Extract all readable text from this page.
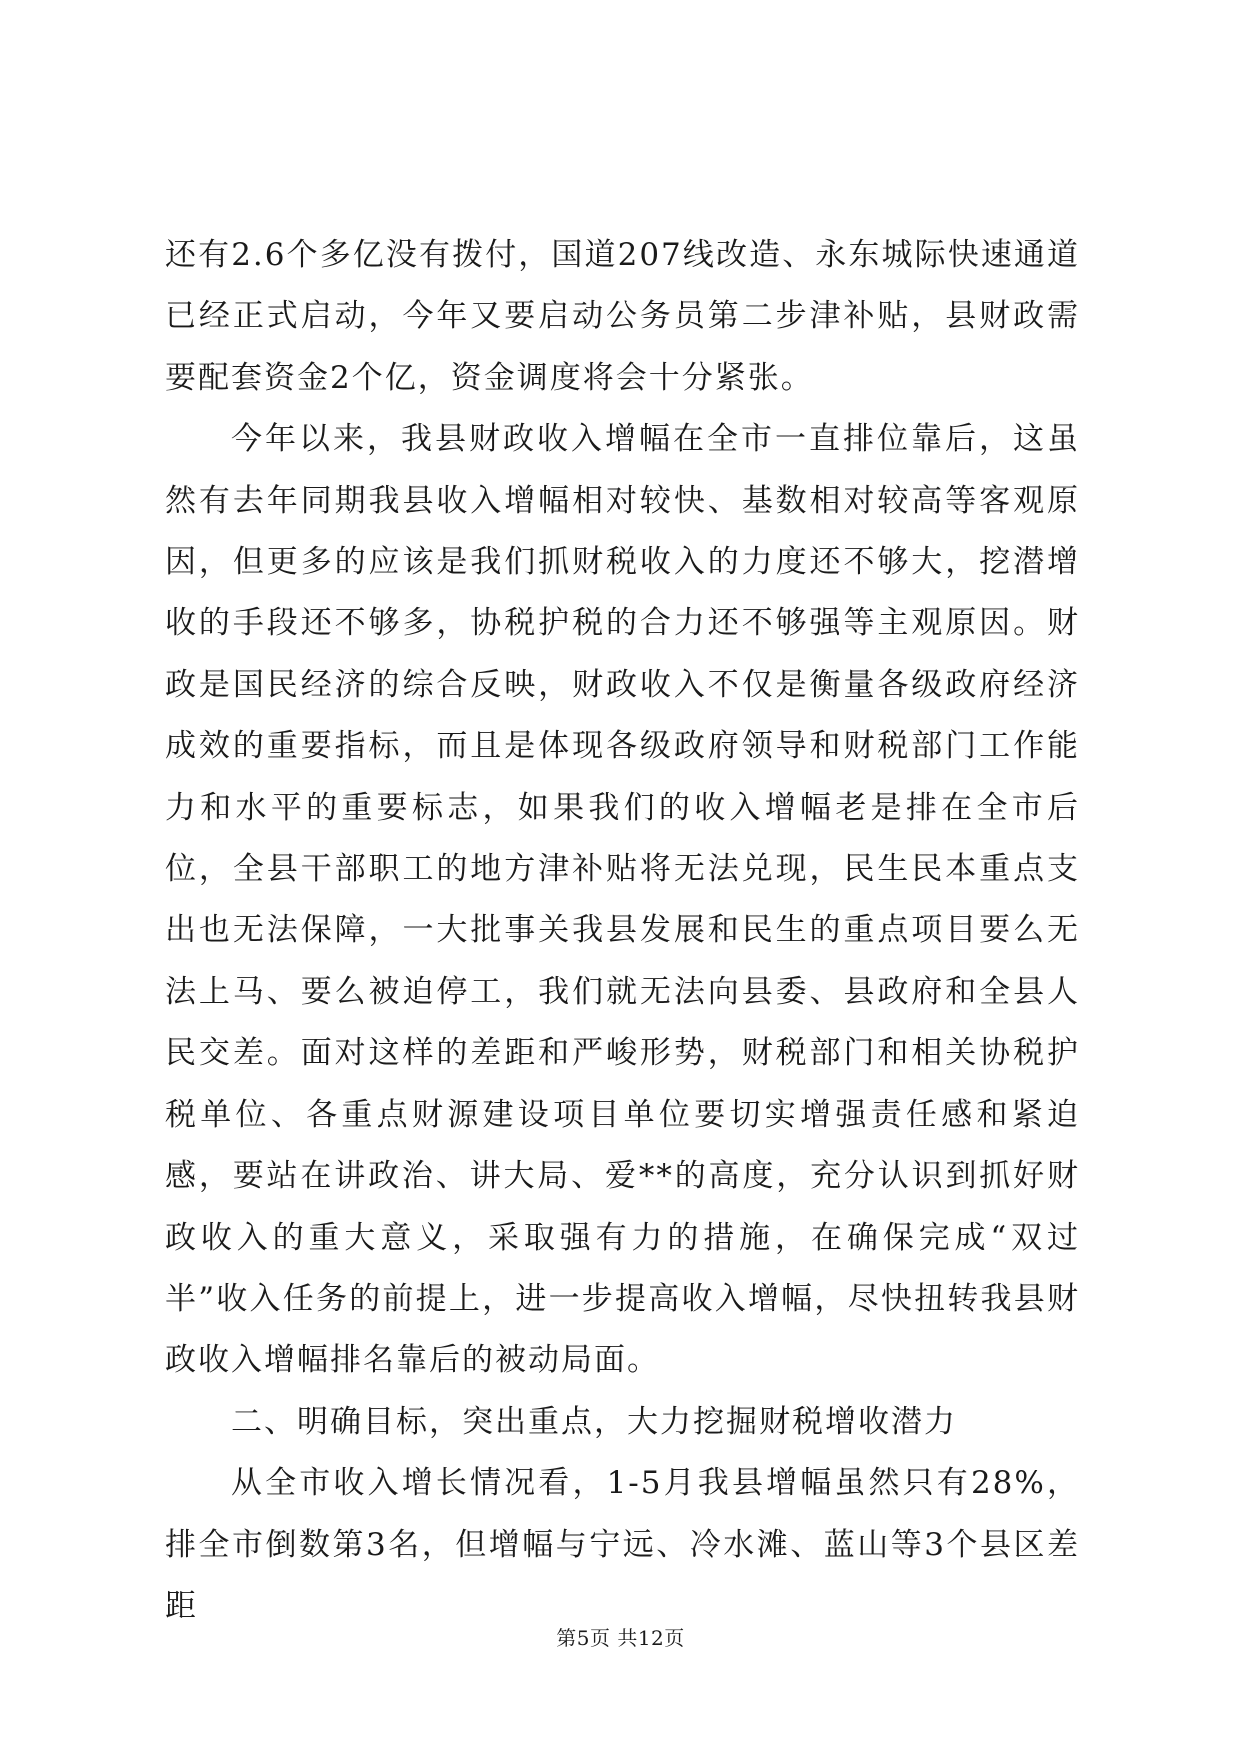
还有2.6个多亿没有拨付，国道207线改造、永东城际快速通道已经正式启动，今年又要启动公务员第二步津补贴，县财政需要配套资金2个亿，资金调度将会十分紧张。

今年以来，我县财政收入增幅在全市一直排位靠后，这虽然有去年同期我县收入增幅相对较快、基数相对较高等客观原因，但更多的应该是我们抓财税收入的力度还不够大，挖潜增收的手段还不够多，协税护税的合力还不够强等主观原因。财政是国民经济的综合反映，财政收入不仅是衡量各级政府经济成效的重要指标，而且是体现各级政府领导和财税部门工作能力和水平的重要标志，如果我们的收入增幅老是排在全市后位，全县干部职工的地方津补贴将无法兑现，民生民本重点支出也无法保障，一大批事关我县发展和民生的重点项目要么无法上马、要么被迫停工，我们就无法向县委、县政府和全县人民交差。面对这样的差距和严峻形势，财税部门和相关协税护税单位、各重点财源建设项目单位要切实增强责任感和紧迫感，要站在讲政治、讲大局、爱**的高度，充分认识到抓好财政收入的重大意义，采取强有力的措施，在确保完成“双过半”收入任务的前提上，进一步提高收入增幅，尽快扭转我县财政收入增幅排名靠后的被动局面。

二、明确目标，突出重点，大力挖掘财税增收潜力

从全市收入增长情况看，1-5月我县增幅虽然只有28%，排全市倒数第3名，但增幅与宁远、冷水滩、蓝山等3个县区差距

第5页 共12页
